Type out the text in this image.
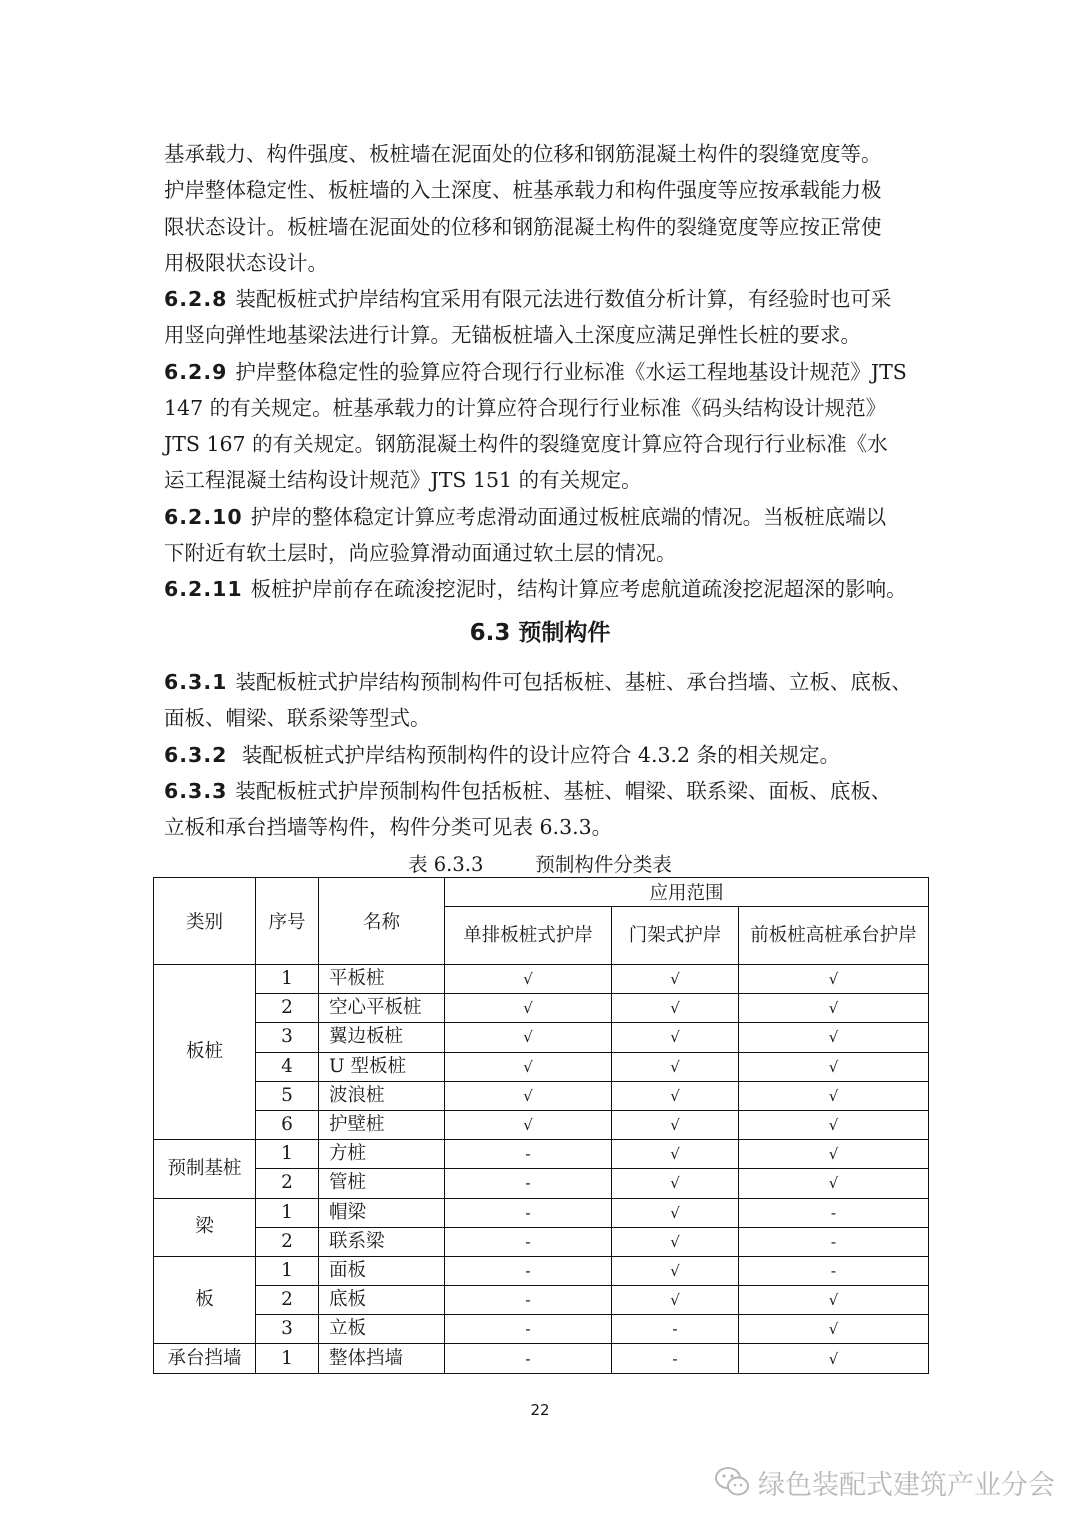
基承载力、构件强度、板桩墙在泥面处的位移和钢筋混凝土构件的裂缝宽度等。

护岸整体稳定性、板桩墙的入土深度、桩基承载力和构件强度等应按承载能力极

限状态设计。板桩墙在泥面处的位移和钢筋混凝土构件的裂缝宽度等应按正常使

用极限状态设计。

6.2.8 装配板桩式护岸结构宜采用有限元法进行数值分析计算，有经验时也可采

用竖向弹性地基梁法进行计算。无锚板桩墙入土深度应满足弹性长桩的要求。

6.2.9 护岸整体稳定性的验算应符合现行行业标准《水运工程地基设计规范》JTS

147 的有关规定。桩基承载力的计算应符合现行行业标准《码头结构设计规范》

JTS 167 的有关规定。钢筋混凝土构件的裂缝宽度计算应符合现行行业标准《水

运工程混凝土结构设计规范》JTS 151 的有关规定。

6.2.10 护岸的整体稳定计算应考虑滑动面通过板桩底端的情况。当板桩底端以

下附近有软土层时，尚应验算滑动面通过软土层的情况。

6.2.11 板桩护岸前存在疏浚挖泥时，结构计算应考虑航道疏浚挖泥超深的影响。

6.3 预制构件

6.3.1 装配板桩式护岸结构预制构件可包括板桩、基桩、承台挡墙、立板、底板、

面板、帽梁、联系梁等型式。

6.3.2 装配板桩式护岸结构预制构件的设计应符合 4.3.2 条的相关规定。

6.3.3 装配板桩式护岸预制构件包括板桩、基桩、帽梁、联系梁、面板、底板、

立板和承台挡墙等构件，构件分类可见表 6.3.3。

表 6.3.3	预制构件分类表
类别	序号	名称	应用范围		
			单排板桩式护岸	门架式护岸	前板桩高桩承台护岸
板桩	1	平板桩	√	√	√
	2	空心平板桩	√	√	√
	3	翼边板桩	√	√	√
	4	U 型板桩	√	√	√
	5	波浪桩	√	√	√
	6	护壁桩	√	√	√
预制基桩	1	方桩	-	√	√
	2	管桩	-	√	√
梁	1	帽梁	-	√	-
	2	联系梁	-	√	-
板	1	面板	-	√	-
	2	底板	-	√	√
	3	立板	-	-	√
承台挡墙	1	整体挡墙	-	-	√
22
绿色装配式建筑产业分会
